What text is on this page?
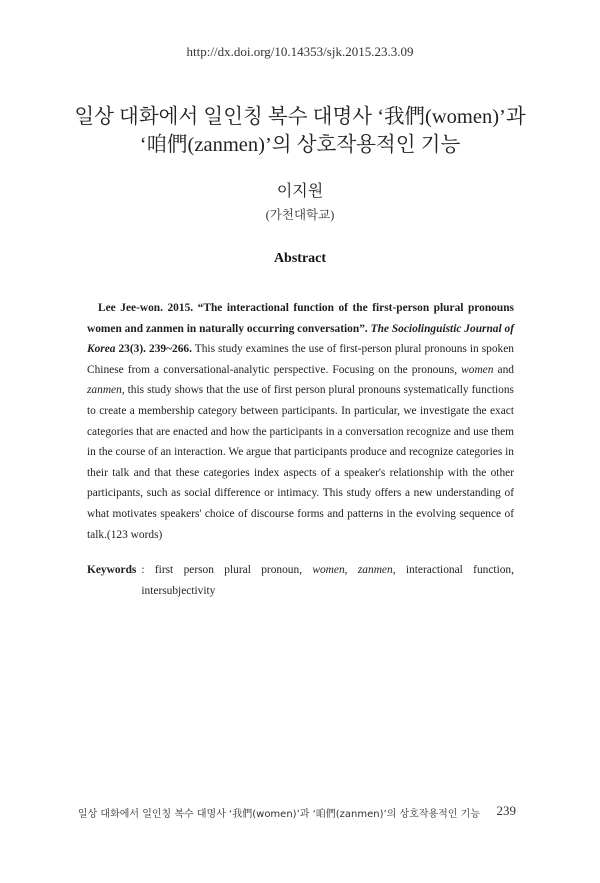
http://dx.doi.org/10.14353/sjk.2015.23.3.09
일상 대화에서 일인칭 복수 대명사 ‘我們(women)’과
‘咱們(zanmen)’의 상호작용적인 기능
이지원
(가천대학교)
Abstract
Lee Jee-won. 2015. “The interactional function of the first-person plural pronouns women and zanmen in naturally occurring conversation”. The Sociolinguistic Journal of Korea 23(3). 239~266. This study examines the use of first-person plural pronouns in spoken Chinese from a conversational-analytic perspective. Focusing on the pronouns, women and zanmen, this study shows that the use of first person plural pronouns systematically functions to create a membership category between participants. In particular, we investigate the exact categories that are enacted and how the participants in a conversation recognize and use them in the course of an interaction. We argue that participants produce and recognize categories in their talk and that these categories index aspects of a speaker's relationship with the other participants, such as social difference or intimacy. This study offers a new understanding of what motivates speakers' choice of discourse forms and patterns in the evolving sequence of talk.(123 words)
Keywords : first person plural pronoun, women, zanmen, interactional function, intersubjectivity
일상 대화에서 일인칭 복수 대명사 ‘我們(women)’과 ‘咱們(zanmen)’의 상호작용적인 기능	239
